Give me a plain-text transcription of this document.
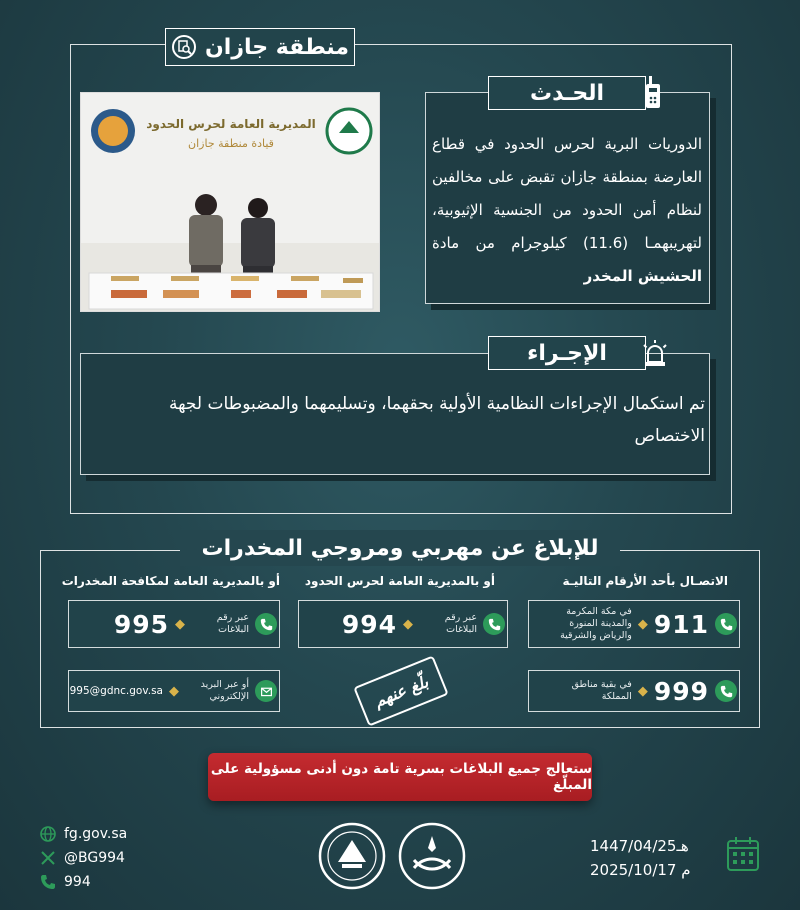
منطقة جازان
المديرية العامة لحرس الحدود
قيادة منطقة جازان
الحـدث
الدوريات البرية لحرس الحدود في قطاع العارضة بمنطقة جازان تقبض على مخالفين لنظام أمن الحدود من الجنسية الإثيوبية، لتهريبهمـا (11.6) كيلوجرام من مادة الحشيش المخدر
الإجـراء
تم استكمال الإجراءات النظامية الأولية بحقهما، وتسليمهما والمضبوطات لجهة الاختصاص
للإبلاغ عن مهربي ومروجي المخدرات
الاتصـال بأحد الأرقام التاليـة
أو بالمديرية العامة لحرس الحدود
أو بالمديرية العامة لمكافحة المخدرات
911
◆
في مكة المكرمة والمدينة المنورة والرياض والشرقية
999
◆
في بقية مناطق المملكة
عبر رقم البلاغات
◆
994
عبر رقم البلاغات
◆
995
أو عبر البريد الإلكتروني
◆
995@gdnc.gov.sa	بلّغ عنهم
ستعالج جميع البلاغات بسرية تامة دون أدنى مسؤولية على المبلّغ
fg.gov.sa
@BG994
994
1447/04/25هـ
2025/10/17 م
